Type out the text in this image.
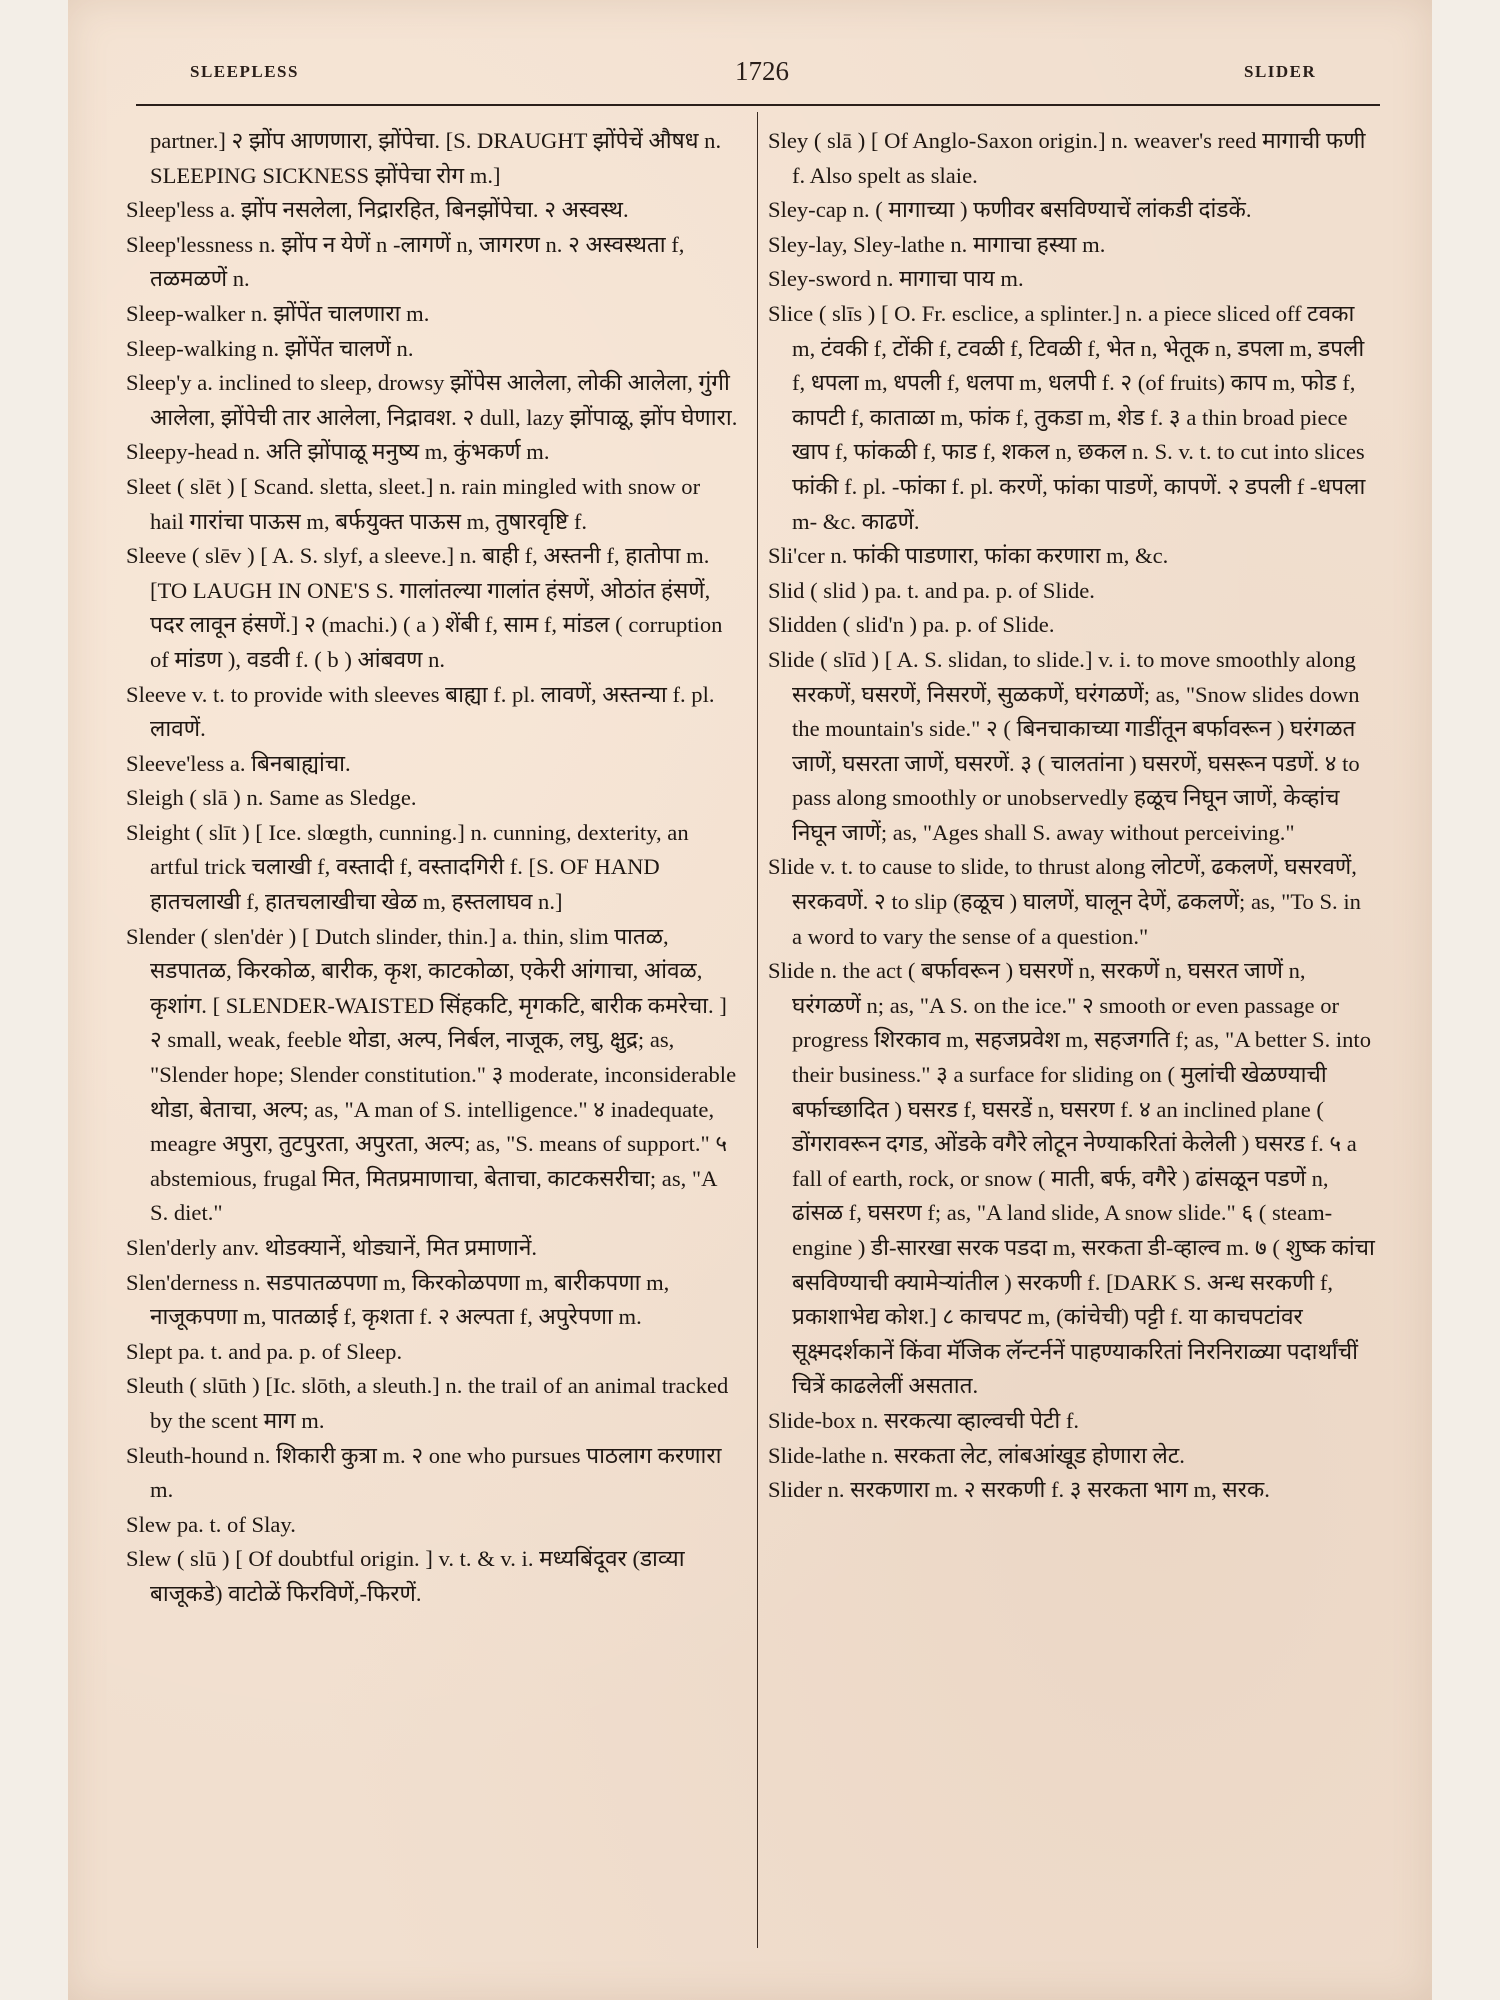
SLEEPLESS	1726	SLIDER

partner.] २ झोंप आणणारा, झोंपेचा. [S. DRAUGHT झोंपेचें औषध n. SLEEPING SICKNESS झोंपेचा रोग m.]

Sleep'less a. झोंप नसलेला, निद्रारहित, बिनझोंपेचा. २ अस्वस्थ.

Sleep'lessness n. झोंप न येणें n -लागणें n, जागरण n. २ अस्वस्थता f, तळमळणें n.

Sleep-walker n. झोंपेंत चालणारा m.

Sleep-walking n. झोंपेंत चालणें n.

Sleep'y a. inclined to sleep, drowsy झोंपेस आलेला, लोकी आलेला, गुंगी आलेला, झोंपेची तार आलेला, निद्रावश. २ dull, lazy झोंपाळू, झोंप घेणारा.

Sleepy-head n. अति झोंपाळू मनुष्य m, कुंभकर्ण m.

Sleet ( slēt ) [ Scand. sletta, sleet.] n. rain mingled with snow or hail गारांचा पाऊस m, बर्फयुक्त पाऊस m, तुषारवृष्टि f.

Sleeve ( slēv ) [ A. S. slyf, a sleeve.] n. बाही f, अस्तनी f, हातोपा m. [TO LAUGH IN ONE'S S. गालांतल्या गालांत हंसणें, ओठांत हंसणें, पदर लावून हंसणें.] २ (machi.) ( a ) शेंबी f, साम f, मांडल ( corruption of मांडण ), वडवी f. ( b ) आंबवण n.

Sleeve v. t. to provide with sleeves बाह्या f. pl. लावणें, अस्तन्या f. pl. लावणें.

Sleeve'less a. बिनबाह्यांचा.

Sleigh ( slā ) n. Same as Sledge.

Sleight ( slīt ) [ Ice. slœgth, cunning.] n. cunning, dexterity, an artful trick चलाखी f, वस्तादी f, वस्तादगिरी f. [S. OF HAND हातचलाखी f, हातचलाखीचा खेळ m, हस्तलाघव n.]

Slender ( slen'dėr ) [ Dutch slinder, thin.] a. thin, slim पातळ, सडपातळ, किरकोळ, बारीक, कृश, काटकोळा, एकेरी आंगाचा, आंवळ, कृशांग. [ SLENDER-WAISTED सिंहकटि, मृगकटि, बारीक कमरेचा. ] २ small, weak, feeble थोडा, अल्प, निर्बल, नाजूक, लघु, क्षुद्र; as, "Slender hope; Slender constitution." ३ moderate, inconsiderable थोडा, बेताचा, अल्प; as, "A man of S. intelligence." ४ inadequate, meagre अपुरा, तुटपुरता, अपुरता, अल्प; as, "S. means of support." ५ abstemious, frugal मित, मितप्रमाणाचा, बेताचा, काटकसरीचा; as, "A S. diet."

Slen'derly anv. थोडक्यानें, थोड्यानें, मित प्रमाणानें.

Slen'derness n. सडपातळपणा m, किरकोळपणा m, बारीकपणा m, नाजूकपणा m, पातळाई f, कृशता f. २ अल्पता f, अपुरेपणा m.

Slept pa. t. and pa. p. of Sleep.

Sleuth ( slūth ) [Ic. slōth, a sleuth.] n. the trail of an animal tracked by the scent माग m.

Sleuth-hound n. शिकारी कुत्रा m. २ one who pursues पाठलाग करणारा m.

Slew pa. t. of Slay.

Slew ( slū ) [ Of doubtful origin. ] v. t. & v. i. मध्यबिंदूवर (डाव्या बाजूकडे) वाटोळें फिरविणें,-फिरणें.

Sley ( slā ) [ Of Anglo-Saxon origin.] n. weaver's reed मागाची फणी f. Also spelt as slaie.

Sley-cap n. ( मागाच्या ) फणीवर बसविण्याचें लांकडी दांडकें.

Sley-lay, Sley-lathe n. मागाचा हस्या m.

Sley-sword n. मागाचा पाय m.

Slice ( slīs ) [ O. Fr. esclice, a splinter.] n. a piece sliced off टवका m, टंवकी f, टोंकी f, टवळी f, टिवळी f, भेत n, भेतूक n, डपला m, डपली f, धपला m, धपली f, धलपा m, धलपी f. २ (of fruits) काप m, फोड f, कापटी f, काताळा m, फांक f, तुकडा m, शेड f. ३ a thin broad piece खाप f, फांकळी f, फाड f, शकल n, छकल n. S. v. t. to cut into slices फांकी f. pl. -फांका f. pl. करणें, फांका पाडणें, कापणें. २ डपली f -धपला m- &c. काढणें.

Sli'cer n. फांकी पाडणारा, फांका करणारा m, &c.

Slid ( slid ) pa. t. and pa. p. of Slide.

Slidden ( slid'n ) pa. p. of Slide.

Slide ( slīd ) [ A. S. slidan, to slide.] v. i. to move smoothly along सरकणें, घसरणें, निसरणें, सुळकणें, घरंगळणें; as, "Snow slides down the mountain's side." २ ( बिनचाकाच्या गाडींतून बर्फावरून ) घरंगळत जाणें, घसरता जाणें, घसरणें. ३ ( चालतांना ) घसरणें, घसरून पडणें. ४ to pass along smoothly or unobservedly हळूच निघून जाणें, केव्हांच निघून जाणें; as, "Ages shall S. away without perceiving."

Slide v. t. to cause to slide, to thrust along लोटणें, ढकलणें, घसरवणें, सरकवणें. २ to slip (हळूच ) घालणें, घालून देणें, ढकलणें; as, "To S. in a word to vary the sense of a question."

Slide n. the act ( बर्फावरून ) घसरणें n, सरकणें n, घसरत जाणें n, घरंगळणें n; as, "A S. on the ice." २ smooth or even passage or progress शिरकाव m, सहजप्रवेश m, सहजगति f; as, "A better S. into their business." ३ a surface for sliding on ( मुलांची खेळण्याची बर्फाच्छादित ) घसरड f, घसरडें n, घसरण f. ४ an inclined plane ( डोंगरावरून दगड, ओंडके वगैरे लोटून नेण्याकरितां केलेली ) घसरड f. ५ a fall of earth, rock, or snow ( माती, बर्फ, वगैरे ) ढांसळून पडणें n, ढांसळ f, घसरण f; as, "A land slide, A snow slide." ६ ( steam-engine ) डी-सारखा सरक पडदा m, सरकता डी-व्हाल्व m. ७ ( शुष्क कांचा बसविण्याची क्यामेऱ्यांतील ) सरकणी f. [DARK S. अन्ध सरकणी f, प्रकाशाभेद्य कोश.] ८ काचपट m, (कांचेची) पट्टी f. या काचपटांवर सूक्ष्मदर्शकानें किंवा मॅजिक लॅन्टर्ननें पाहण्याकरितां निरनिराळ्या पदार्थांचीं चित्रें काढलेलीं असतात.

Slide-box n. सरकत्या व्हाल्वची पेटी f.

Slide-lathe n. सरकता लेट, लांबआंखूड होणारा लेट.

Slider n. सरकणारा m. २ सरकणी f. ३ सरकता भाग m, सरक.
